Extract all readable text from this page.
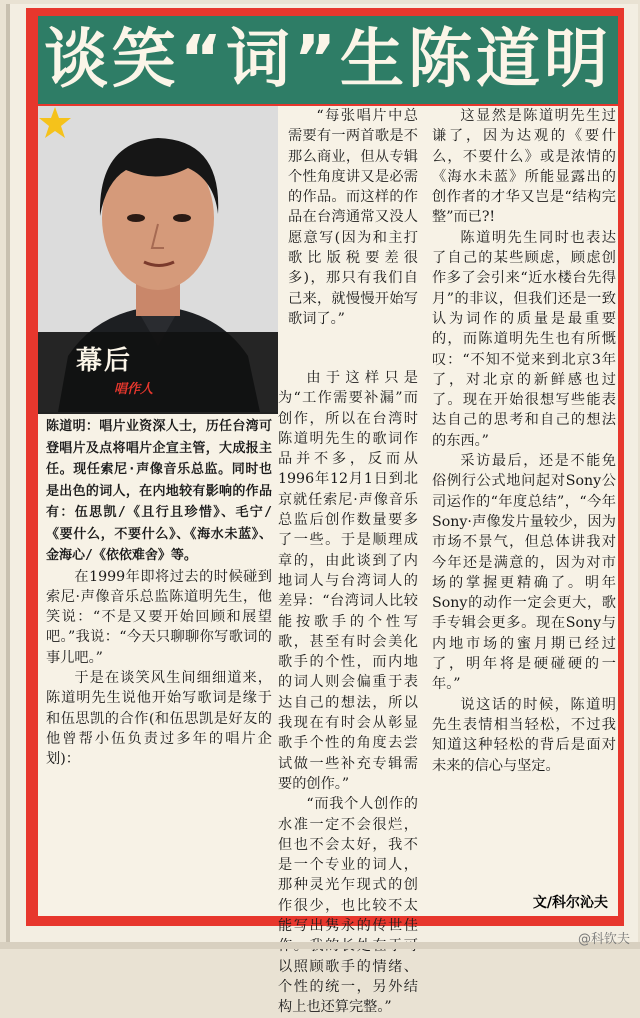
谈笑“词”生陈道明
幕后
唱作人

陈道明：唱片业资深人士，历任台湾可登唱片及点将唱片企宣主管，大成报主任。现任索尼·声像音乐总监。同时也是出色的词人，在内地较有影响的作品有：伍思凯/《且行且珍惜》、毛宁/《要什么，不要什么》、《海水未蓝》、金海心/《依依难舍》等。

在1999年即将过去的时候碰到索尼·声像音乐总监陈道明先生，他笑说：“不是又要开始回顾和展望吧。”我说：“今天只聊聊你写歌词的事儿吧。”

于是在谈笑风生间细细道来，陈道明先生说他开始写歌词是缘于和伍思凯的合作(和伍思凯是好友的他曾帮小伍负责过多年的唱片企划)：

“每张唱片中总需要有一两首歌是不那么商业，但从专辑个性角度讲又是必需的作品。而这样的作品在台湾通常又没人愿意写(因为和主打歌比版税要差很多)，那只有我们自己来，就慢慢开始写歌词了。”

由于这样只是为“工作需要补漏”而创作，所以在台湾时陈道明先生的歌词作品并不多，反而从1996年12月1日到北京就任索尼·声像音乐总监后创作数量要多了一些。于是顺理成章的，由此谈到了内地词人与台湾词人的差异：“台湾词人比较能按歌手的个性写歌，甚至有时会美化歌手的个性，而内地的词人则会偏重于表达自己的想法，所以我现在有时会从彰显歌手个性的角度去尝试做一些补充专辑需要的创作。”

“而我个人创作的水准一定不会很烂，但也不会太好，我不是一个专业的词人，那种灵光乍现式的创作很少，也比较不太能写出隽永的传世佳 以照顾歌手的情绪、个性的统一，另外结构上也还算完整。”

这显然是陈道明先生过谦了，因为达观的《要什么，不要什么》或是浓情的《海水未蓝》所能显露出的创作者的才华又岂是“结构完整”而已?!

陈道明先生同时也表达了自己的某些顾虑，顾虑创作多了会引来“近水楼台先得月”的非议，但我们还是一致认为词作的质量是最重要的，而陈道明先生也有所慨叹：“不知不觉来到北京3年了，对北京的新鲜感也过了。现在开始很想写些能表达自己的思考和自己的想法的东西。”

采访最后，还是不能免俗例行公式地问起对Sony公司运作的“年度总结”，“今年Sony·声像发片量较少，因为市场不景气，但总体讲我对今年还是满意的，因为对市场的掌握更精确了。明年Sony的动作一定会更大，歌手专辑会更多。现在Sony与内地市场的蜜月期已经过了，明年将是硬碰硬的一年。”

说这话的时候，陈道明先生表情相当轻松，不过我知道这种轻松的背后是面对未来的信心与坚定。

文/科尔沁夫
@科钦夫
